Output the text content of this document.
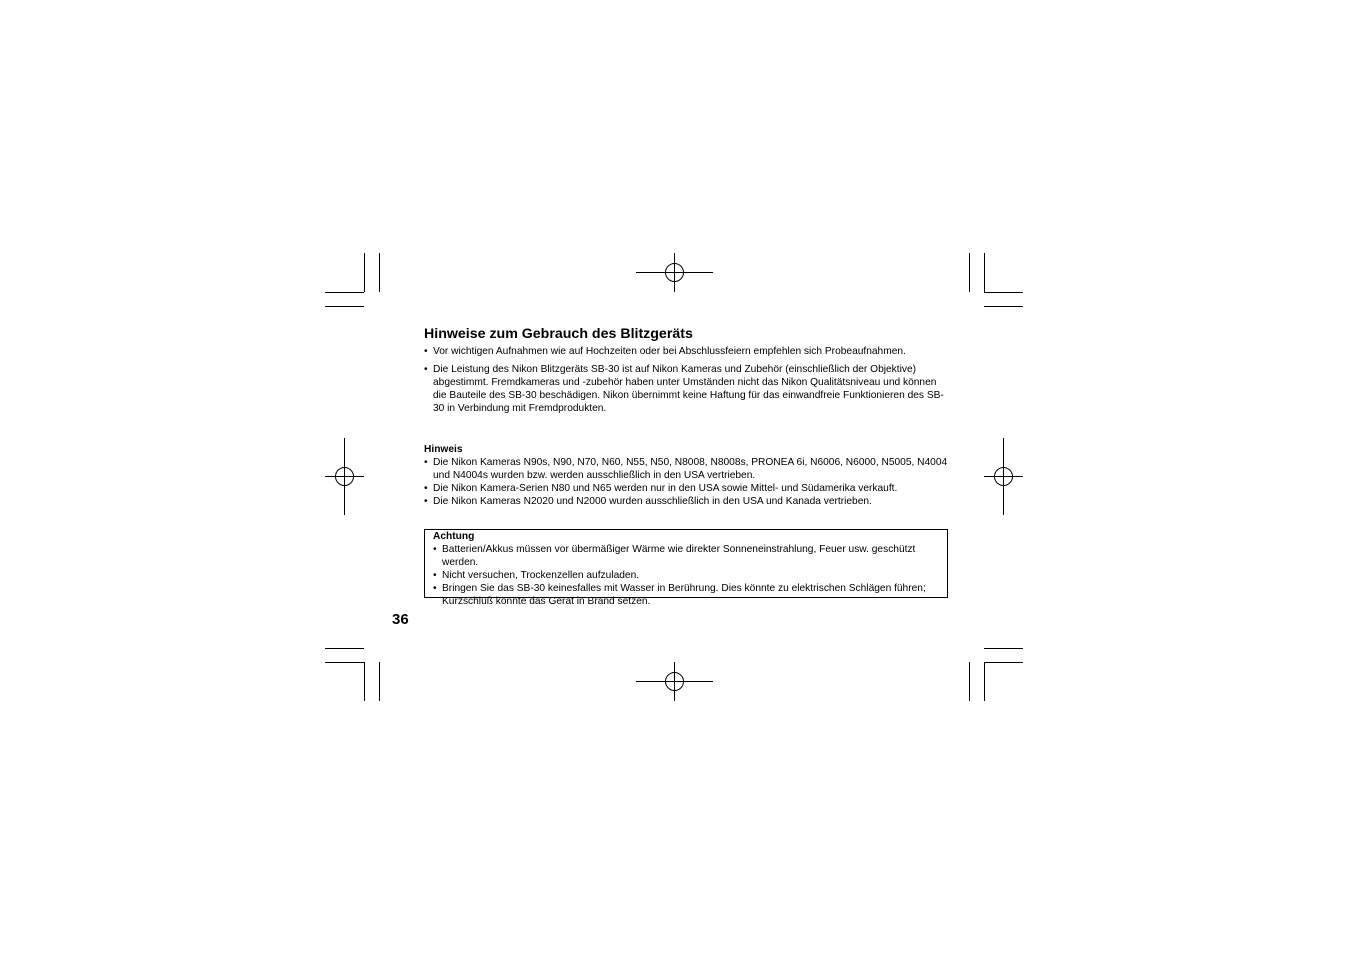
Hinweise zum Gebrauch des Blitzgeräts
• Vor wichtigen Aufnahmen wie auf Hochzeiten oder bei Abschlussfeiern empfehlen sich Probeaufnahmen.
• Die Leistung des Nikon Blitzgeräts SB-30 ist auf Nikon Kameras und Zubehör (einschließlich der Objektive) abgestimmt. Fremdkameras und -zubehör haben unter Umständen nicht das Nikon Qualitätsniveau und können die Bauteile des SB-30 beschädigen. Nikon übernimmt keine Haftung für das einwandfreie Funktionieren des SB-30 in Verbindung mit Fremdprodukten.
Hinweis
• Die Nikon Kameras N90s, N90, N70, N60, N55, N50, N8008, N8008s, PRONEA 6i, N6006, N6000, N5005, N4004 und N4004s wurden bzw. werden ausschließlich in den USA vertrieben.
• Die Nikon Kamera-Serien N80 und N65 werden nur in den USA sowie Mittel- und Südamerika verkauft.
• Die Nikon Kameras N2020 und N2000 wurden ausschließlich in den USA und Kanada vertrieben.
Achtung
• Batterien/Akkus müssen vor übermäßiger Wärme wie direkter Sonneneinstrahlung, Feuer usw. geschützt werden.
• Nicht versuchen, Trockenzellen aufzuladen.
• Bringen Sie das SB-30 keinesfalles mit Wasser in Berührung. Dies könnte zu elektrischen Schlägen führen; Kurzschluß könnte das Gerät in Brand setzen.
36
